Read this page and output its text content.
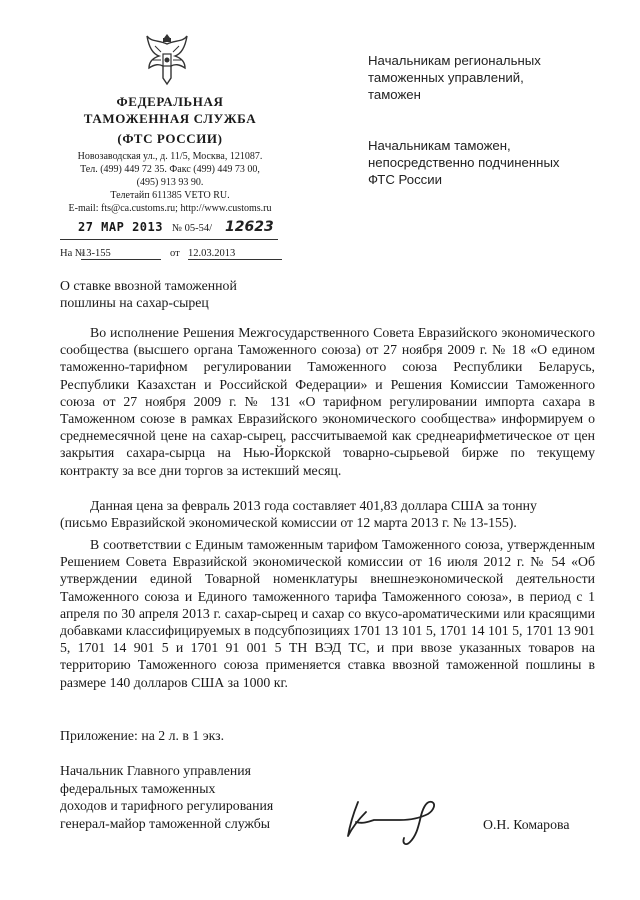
ФЕДЕРАЛЬНАЯ
ТАМОЖЕННАЯ СЛУЖБА
(ФТС РОССИИ)
Новозаводская ул., д. 11/5, Москва, 121087.
Тел. (499) 449 72 35. Факс (499) 449 73 00,
(495) 913 93 90.
Телетайп 611385 VETO RU.
E-mail: fts@ca.customs.ru; http://www.customs.ru
27 МАР 2013 № 05-54/ 12623
На №
13-155	от 12.03.2013
Начальникам региональных
таможенных управлений,
таможен
Начальникам таможен,
непосредственно подчиненных
ФТС России
О ставке ввозной таможенной
пошлины на сахар-сырец

Во исполнение Решения Межгосударственного Совета Евразийского экономического сообщества (высшего органа Таможенного союза) от 27 ноября 2009 г. № 18 «О едином таможенно-тарифном регулировании Таможенного союза Республики Беларусь, Республики Казахстан и Российской Федерации» и Решения Комиссии Таможенного союза от 27 ноября 2009 г. № 131 «О тарифном регулировании импорта сахара в Таможенном союзе в рамках Евразийского экономического сообщества» информируем о среднемесячной цене на сахар-сырец, рассчитываемой как среднеарифметическое от цен закрытия сахара-сырца на Нью-Йоркской товарно-сырьевой бирже по текущему контракту за все дни торгов за истекший месяц.

Данная цена за февраль 2013 года составляет 401,83 доллара США за тонну
(письмо Евразийской экономической комиссии от 12 марта 2013 г. № 13-155).

В соответствии с Единым таможенным тарифом Таможенного союза, утвержденным Решением Совета Евразийской экономической комиссии от 16 июля 2012 г. № 54 «Об утверждении единой Товарной номенклатуры внешнеэкономической деятельности Таможенного союза и Единого таможенного тарифа Таможенного союза», в период с 1 апреля по 30 апреля 2013 г. сахар-сырец и сахар со вкусо-ароматическими или красящими добавками классифицируемых в подсубпозициях 1701 13 101 5, 1701 14 101 5, 1701 13 901 5, 1701 14 901 5 и 1701 91 001 5 ТН ВЭД ТС, и при ввозе указанных товаров на территорию Таможенного союза применяется ставка ввозной таможенной пошлины в размере 140 долларов США за 1000 кг.

Приложение: на 2 л. в 1 экз.
Начальник Главного управления
федеральных таможенных
доходов и тарифного регулирования
генерал-майор таможенной службы	О.Н. Комарова
